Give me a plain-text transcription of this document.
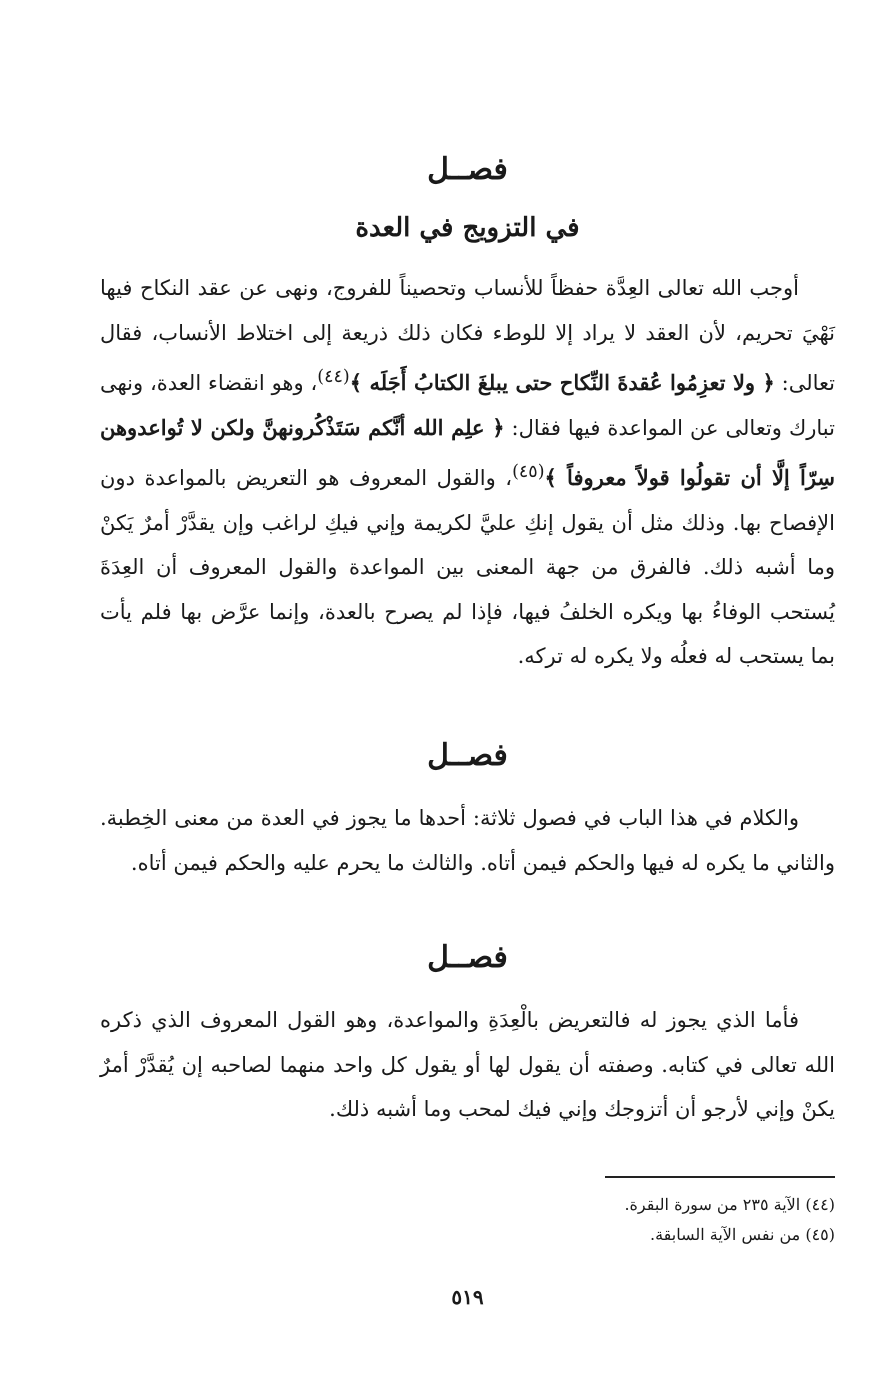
فصــل
في التزويج في العدة

أوجب الله تعالى العِدَّة حفظاً للأنساب وتحصيناً للفروج، ونهى عن عقد النكاح فيها نَهْيَ تحريم، لأن العقد لا يراد إلا للوطء فكان ذلك ذريعة إلى اختلاط الأنساب، فقال تعالى: ﴿ ولا تعزِمُوا عُقدةَ النِّكاح حتى يبلغَ الكتابُ أَجَلَه ﴾$^{(٤٤)}$، وهو انقضاء العدة، ونهى تبارك وتعالى عن المواعدة فيها فقال: ﴿ علِم الله أنَّكم سَتَذْكُرونهنَّ ولكن لا تُواعدوهن سِرّاً إلَّا أن تقولُوا قولاً معروفاً ﴾$^{(٤٥)}$، والقول المعروف هو التعريض بالمواعدة دون الإفصاح بها. وذلك مثل أن يقول إنكِ عليَّ لكريمة وإني فيكِ لراغب وإن يقدَّرْ أمرٌ يَكنْ وما أشبه ذلك. فالفرق من جهة المعنى بين المواعدة والقول المعروف أن العِدَةَ يُستحب الوفاءُ بها ويكره الخلفُ فيها، فإذا لم يصرح بالعدة، وإنما عرَّض بها فلم يأت بما يستحب له فعلُه ولا يكره له تركه.

فصــل

والكلام في هذا الباب في فصول ثلاثة: أحدها ما يجوز في العدة من معنى الخِطبة. والثاني ما يكره له فيها والحكم فيمن أتاه. والثالث ما يحرم عليه والحكم فيمن أتاه.

فصــل

فأما الذي يجوز له فالتعريض بالْعِدَةِ والمواعدة، وهو القول المعروف الذي ذكره الله تعالى في كتابه. وصفته أن يقول لها أو يقول كل واحد منهما لصاحبه إن يُقدَّرْ أمرٌ يكنْ وإني لأرجو أن أتزوجك وإني فيك لمحب وما أشبه ذلك.

(٤٤) الآية ٢٣٥ من سورة البقرة.
(٤٥) من نفس الآية السابقة.
٥١٩
